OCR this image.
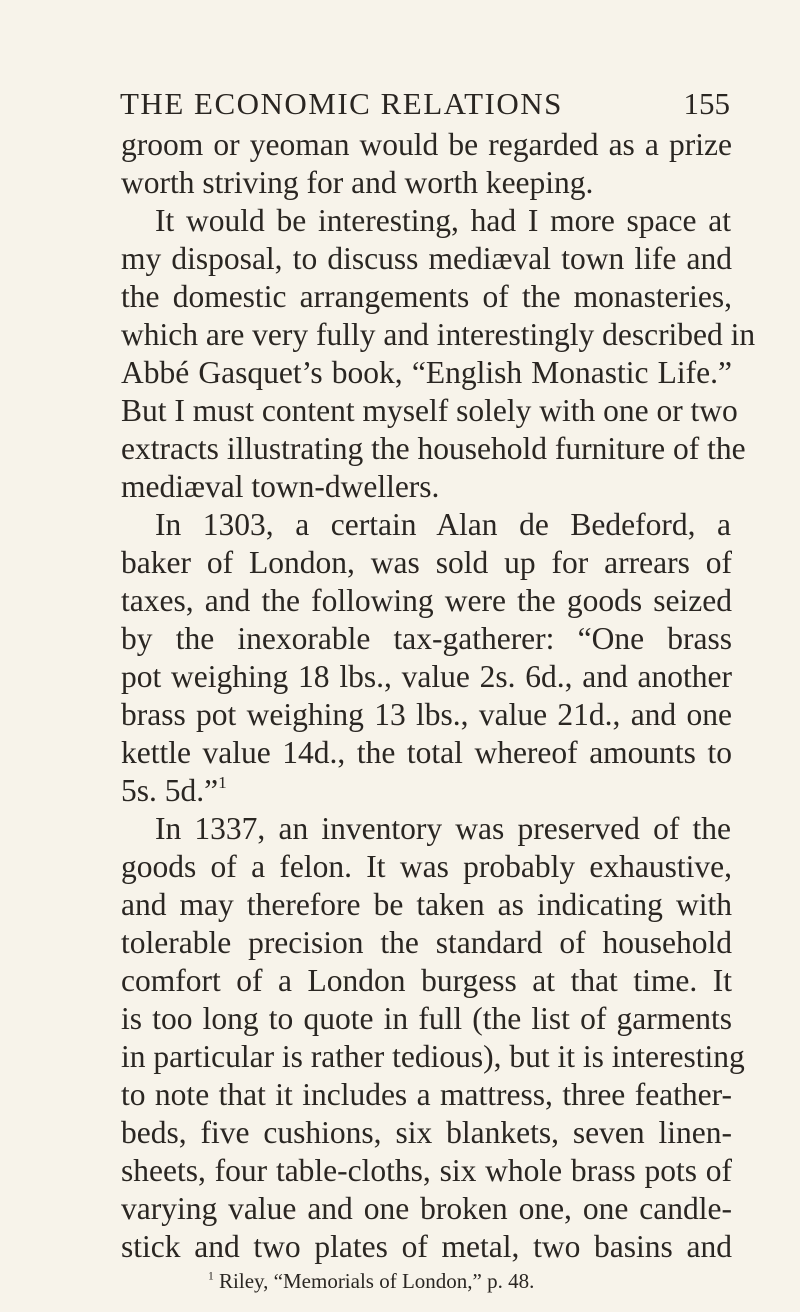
THE ECONOMIC RELATIONS	155
groom or yeoman would be regarded as a prize
worth striving for and worth keeping.
It would be interesting, had I more space at
my disposal, to discuss mediæval town life and
the domestic arrangements of the monasteries,
which are very fully and interestingly described in
Abbé Gasquet’s book, “English Monastic Life.”
But I must content myself solely with one or two
extracts illustrating the household furniture of the
mediæval town-dwellers.
In 1303, a certain Alan de Bedeford, a
baker of London, was sold up for arrears of
taxes, and the following were the goods seized
by the inexorable tax-gatherer: “One brass
pot weighing 18 lbs., value 2s. 6d., and another
brass pot weighing 13 lbs., value 21d., and one
kettle value 14d., the total whereof amounts to
5s. 5d.”$^1$
In 1337, an inventory was preserved of the
goods of a felon. It was probably exhaustive,
and may therefore be taken as indicating with
tolerable precision the standard of household
comfort of a London burgess at that time. It
is too long to quote in full (the list of garments
in particular is rather tedious), but it is interesting
to note that it includes a mattress, three feather-
beds, five cushions, six blankets, seven linen-
sheets, four table-cloths, six whole brass pots of
varying value and one broken one, one candle-
stick and two plates of metal, two basins and
$^1$ Riley, “Memorials of London,” p. 48.
